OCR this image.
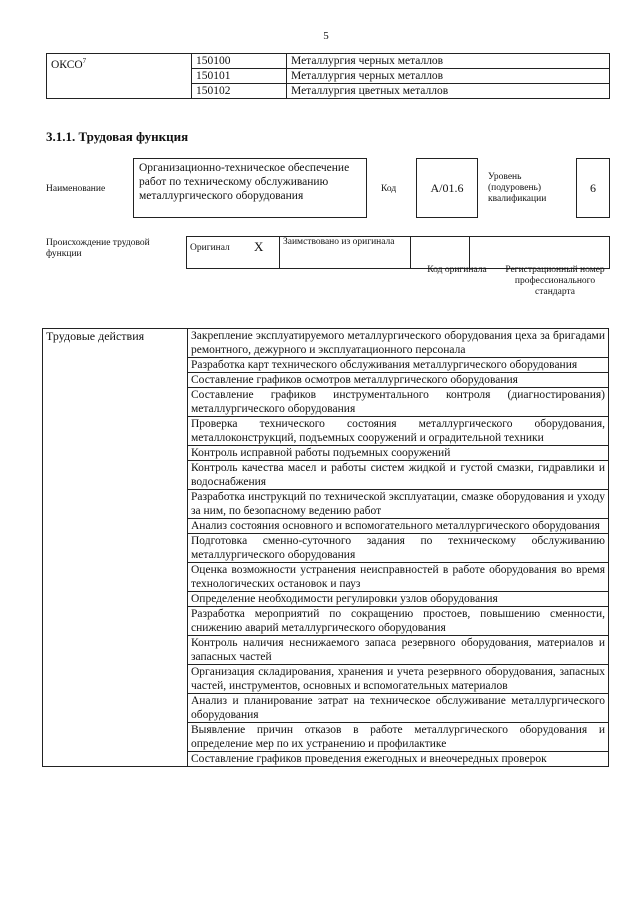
5
ОКСО$^7$	150100	Металлургия черных металлов
	150101	Металлургия черных металлов
	150102	Металлургия цветных металлов
3.1.1. Трудовая функция
Наименование
Организационно-техническое обеспечение работ по техническому обслуживанию металлургического оборудования
Код	A/01.6
Уровень (подуровень) квалификации
6
Происхождение трудовой функции
Оригинал	X	Заимствовано из оригинала		
Код оригинала	Регистрационный номер профессионального стандарта
Трудовые действия	Закрепление эксплуатируемого металлургического оборудования цеха за бригадами ремонтного, дежурного и эксплуатационного персонала
Разработка карт технического обслуживания металлургического оборудования
Составление графиков осмотров металлургического оборудования
Составление графиков инструментального контроля (диагностирования) металлургического оборудования
Проверка технического состояния металлургического оборудования, металлоконструкций, подъемных сооружений и оградительной техники
Контроль исправной работы подъемных сооружений
Контроль качества масел и работы систем жидкой и густой смазки, гидравлики и водоснабжения
Разработка инструкций по технической эксплуатации, смазке оборудования и уходу за ним, по безопасному ведению работ
Анализ состояния основного и вспомогательного металлургического оборудования
Подготовка сменно-суточного задания по техническому обслуживанию металлургического оборудования
Оценка возможности устранения неисправностей в работе оборудования во время технологических остановок и пауз
Определение необходимости регулировки узлов оборудования
Разработка мероприятий по сокращению простоев, повышению сменности, снижению аварий металлургического оборудования
Контроль наличия неснижаемого запаса резервного оборудования, материалов и запасных частей
Организация складирования, хранения и учета резервного оборудования, запасных частей, инструментов, основных и вспомогательных материалов
Анализ и планирование затрат на техническое обслуживание металлургического оборудования
Выявление причин отказов в работе металлургического оборудования и определение мер по их устранению и профилактике
Составление графиков проведения ежегодных и внеочередных проверок
